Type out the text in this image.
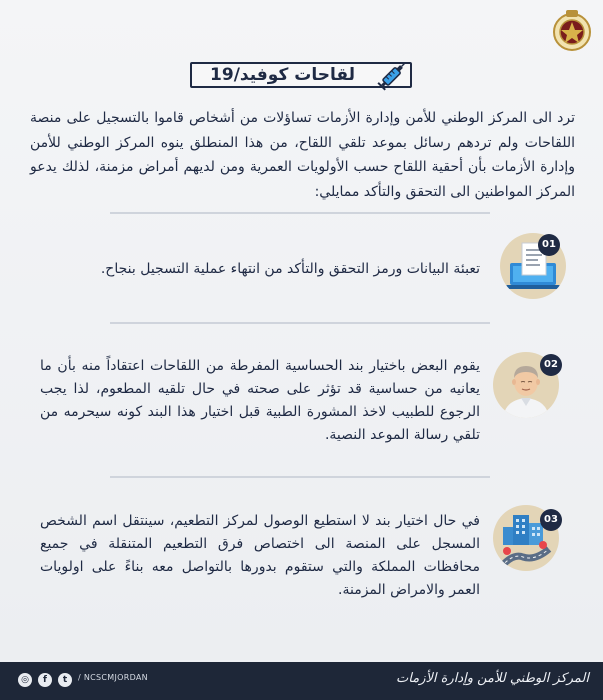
لقاحات كوفيد/19
ترد الى المركز الوطني للأمن وإدارة الأزمات تساؤلات من أشخاص قاموا بالتسجيل على منصة اللقاحات ولم تردهم رسائل بموعد تلقي اللقاح، من هذا المنطلق ينوه المركز الوطني للأمن وإدارة الأزمات بأن أحقية اللقاح حسب الأولويات العمرية ومن لديهم أمراض مزمنة، لذلك يدعو المركز المواطنين الى التحقق والتأكد ممايلي:
01
تعبئة البيانات ورمز التحقق والتأكد من انتهاء عملية التسجيل بنجاح.
02
يقوم البعض باختيار بند الحساسية المفرطة من اللقاحات اعتقاداً منه بأن ما يعانيه من حساسية قد تؤثر على صحته في حال تلقيه المطعوم، لذا يجب الرجوع للطبيب لاخذ المشورة الطبية قبل اختيار هذا البند كونه سيحرمه من تلقي رسالة الموعد النصية.
03
في حال اختيار بند لا استطيع الوصول لمركز التطعيم، سينتقل اسم الشخص المسجل على المنصة الى اختصاص فرق التطعيم المتنقلة في جميع محافظات المملكة والتي ستقوم بدورها بالتواصل معه بناءً على اولويات العمر والامراض المزمنة.
◎	f	t	/ NCSCMJORDAN	المركز الوطني للأمن وإدارة الأزمات
